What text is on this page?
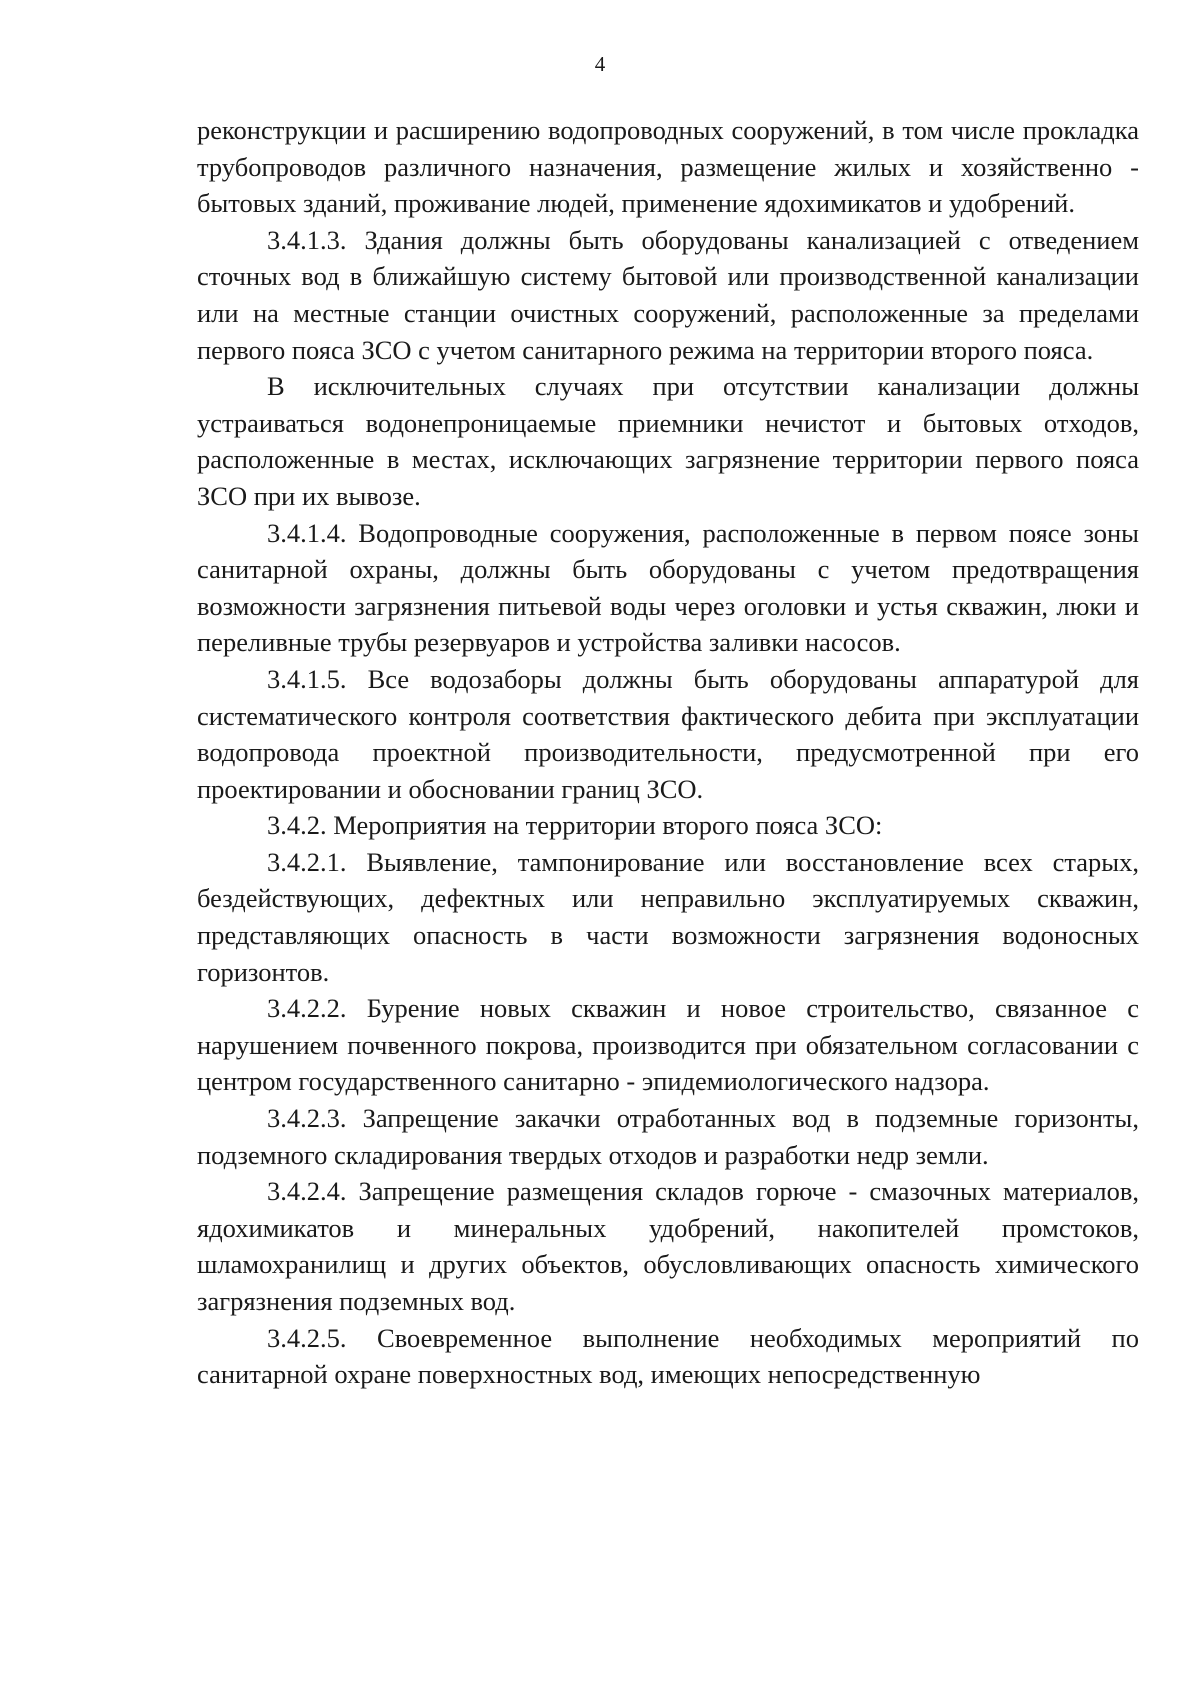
4

реконструкции и расширению водопроводных сооружений, в том числе прокладка трубопроводов различного назначения, размещение жилых и хозяйственно - бытовых зданий, проживание людей, применение ядохимикатов и удобрений.

3.4.1.3. Здания должны быть оборудованы канализацией с отведением сточных вод в ближайшую систему бытовой или производственной канализации или на местные станции очистных сооружений, расположенные за пределами первого пояса ЗСО с учетом санитарного режима на территории второго пояса.

В исключительных случаях при отсутствии канализации должны устраиваться водонепроницаемые приемники нечистот и бытовых отходов, расположенные в местах, исключающих загрязнение территории первого пояса ЗСО при их вывозе.

3.4.1.4. Водопроводные сооружения, расположенные в первом поясе зоны санитарной охраны, должны быть оборудованы с учетом предотвращения возможности загрязнения питьевой воды через оголовки и устья скважин, люки и переливные трубы резервуаров и устройства заливки насосов.

3.4.1.5. Все водозаборы должны быть оборудованы аппаратурой для систематического контроля соответствия фактического дебита при эксплуатации водопровода проектной производительности, предусмотренной при его проектировании и обосновании границ ЗСО.

3.4.2. Мероприятия на территории второго пояса ЗСО:

3.4.2.1. Выявление, тампонирование или восстановление всех старых, бездействующих, дефектных или неправильно эксплуатируемых скважин, представляющих опасность в части возможности загрязнения водоносных горизонтов.

3.4.2.2. Бурение новых скважин и новое строительство, связанное с нарушением почвенного покрова, производится при обязательном согласовании с центром государственного санитарно - эпидемиологического надзора.

3.4.2.3. Запрещение закачки отработанных вод в подземные горизонты, подземного складирования твердых отходов и разработки недр земли.

3.4.2.4. Запрещение размещения складов горюче - смазочных материалов, ядохимикатов и минеральных удобрений, накопителей промстоков, шламохранилищ и других объектов, обусловливающих опасность химического загрязнения подземных вод.

3.4.2.5. Своевременное выполнение необходимых мероприятий по санитарной охране поверхностных вод, имеющих непосредственную
